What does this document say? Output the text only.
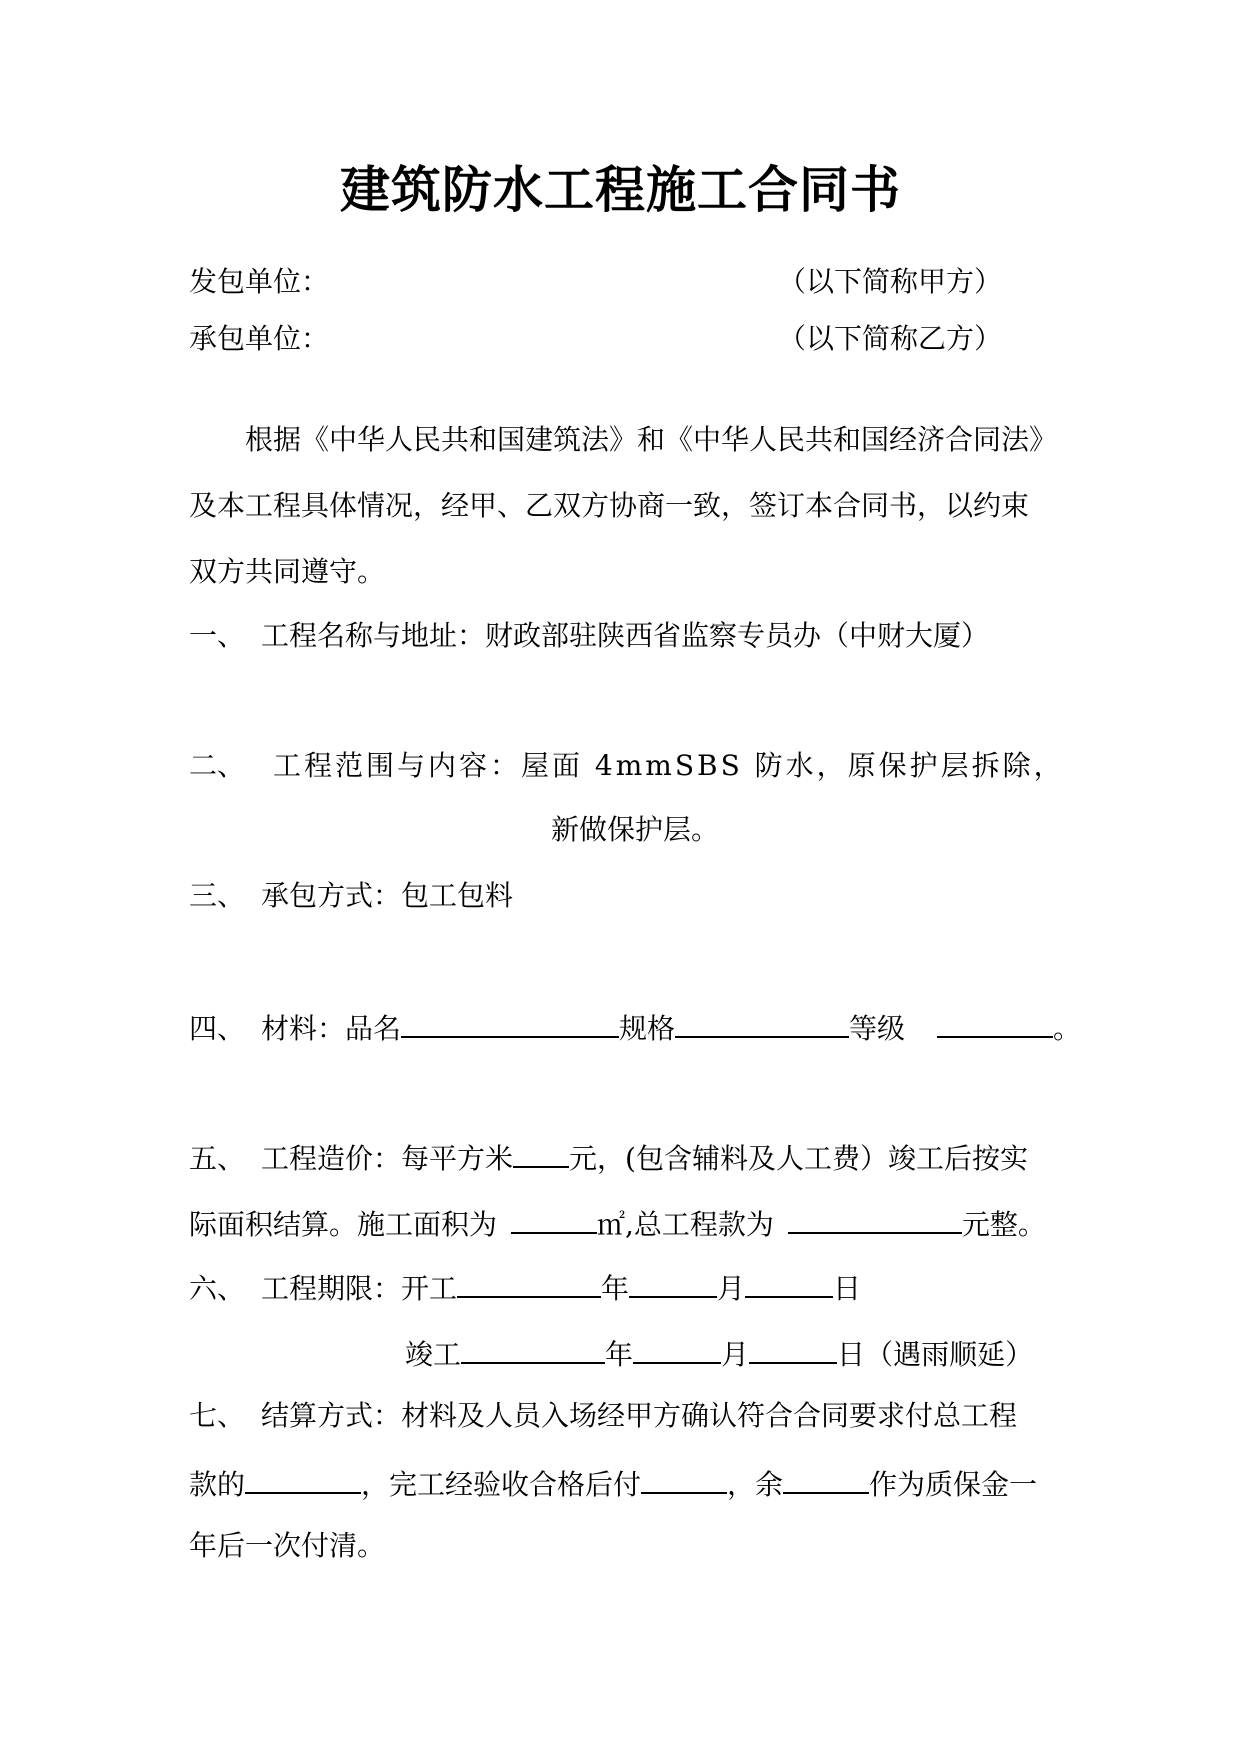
建筑防水工程施工合同书
发包单位：	（以下简称甲方）
承包单位：	（以下简称乙方）
根据《中华人民共和国建筑法》和《中华人民共和国经济合同法》
及本工程具体情况，经甲、乙双方协商一致，签订本合同书，以约束
双方共同遵守。
一、 工程名称与地址：财政部驻陕西省监察专员办（中财大厦）
二、 工程范围与内容：屋面 4mmSBS 防水，原保护层拆除，
新做保护层。
三、 承包方式：包工包料
四、 材料：品名	规格	等级	。
五、 工程造价：每平方米 元，(包含辅料及人工费）竣工后按实
际面积结算。施工面积为	㎡,总工程款为	元整。
六、 工程期限：开工	年	月	日
竣工	年	月	日（遇雨顺延）
七、 结算方式：材料及人员入场经甲方确认符合合同要求付总工程
款的	，完工经验收合格后付	，余	作为质保金一
年后一次付清。
